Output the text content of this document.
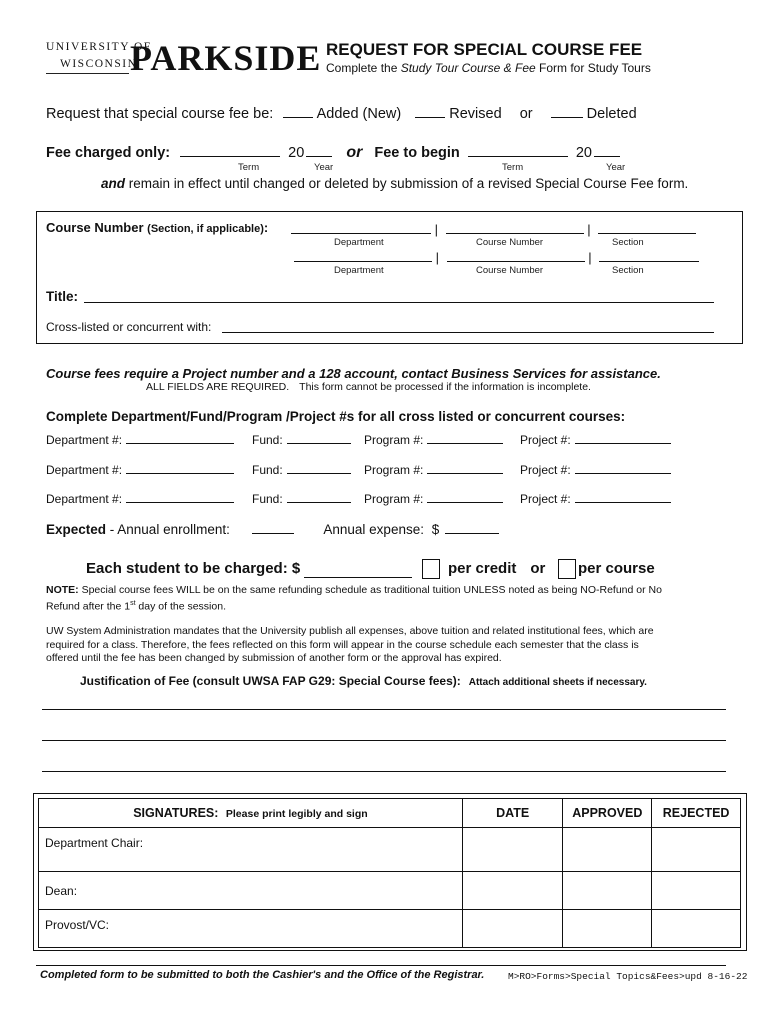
UNIVERSITY OF
WISCONSIN
PARKSIDE REQUEST FOR SPECIAL COURSE FEE
Complete the Study Tour Course & Fee Form for Study Tours
Request that special course fee be:	Added (New)	Revised or	Deleted
Fee charged only:	20	or Fee to begin	20
Term	Year	Term	Year
and remain in effect until changed or deleted by submission of a revised Special Course Fee form.
Course Number (Section, if applicable):	|	|
Department	Course Number	Section
|	|
Department	Course Number	Section
Title:
Cross-listed or concurrent with:
Course fees require a Project number and a 128 account, contact Business Services for assistance.
ALL FIELDS ARE REQUIRED. This form cannot be processed if the information is incomplete.
Complete Department/Fund/Program /Project #s for all cross listed or concurrent courses:
Department #:	Fund:	Program #:	Project #:
Department #:	Fund:	Program #:	Project #:
Department #:	Fund:	Program #:	Project #:
Expected - Annual enrollment:	Annual expense: $
Each student to be charged: $	per credit or per course
NOTE: Special course fees WILL be on the same refunding schedule as traditional tuition UNLESS noted as being NO-Refund or No
Refund after the 1st day of the session.
UW System Administration mandates that the University publish all expenses, above tuition and related institutional fees, which are
required for a class. Therefore, the fees reflected on this form will appear in the course schedule each semester that the class is
offered until the fee has been changed by submission of another form or the approval has expired.
Justification of Fee (consult UWSA FAP G29: Special Course fees): Attach additional sheets if necessary.
SIGNATURES: Please print legibly and sign	DATE	APPROVED	REJECTED
Department Chair:			
Dean:			
Provost/VC:			
Completed form to be submitted to both the Cashier's and the Office of the Registrar. M>RO>Forms>Special Topics&Fees>upd 8-16-22
